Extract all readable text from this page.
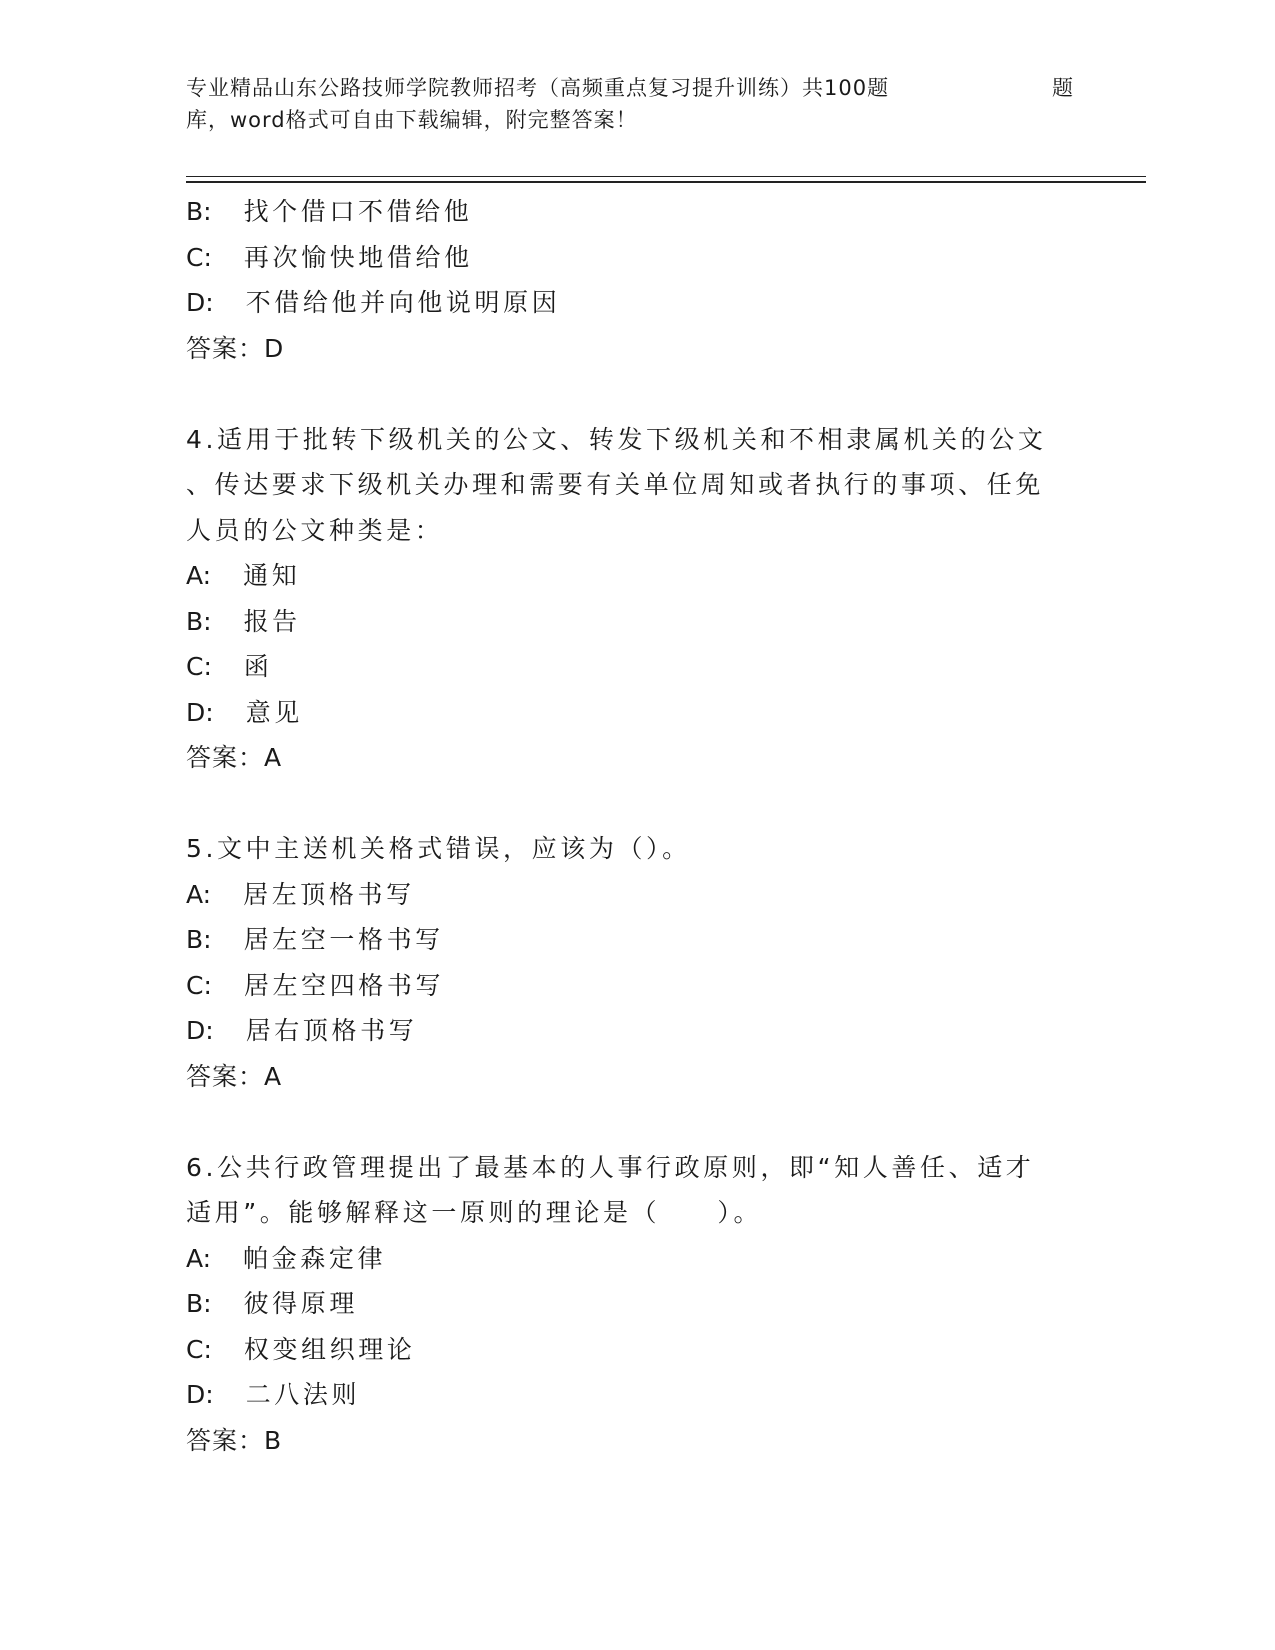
专业精品山东公路技师学院教师招考（高频重点复习提升训练）共100题	题
库，word格式可自由下载编辑，附完整答案！
B: 找个借口不借给他
C: 再次愉快地借给他
D: 不借给他并向他说明原因
答案：D
4.适用于批转下级机关的公文、转发下级机关和不相隶属机关的公文
、传达要求下级机关办理和需要有关单位周知或者执行的事项、任免
人员的公文种类是：
A: 通知
B: 报告
C: 函
D: 意见
答案：A
5.文中主送机关格式错误，应该为（）。
A: 居左顶格书写
B: 居左空一格书写
C: 居左空四格书写
D: 居右顶格书写
答案：A
6.公共行政管理提出了最基本的人事行政原则，即“知人善任、适才
适用”。能够解释这一原则的理论是（　　）。
A: 帕金森定律
B: 彼得原理
C: 权变组织理论
D: 二八法则
答案：B
